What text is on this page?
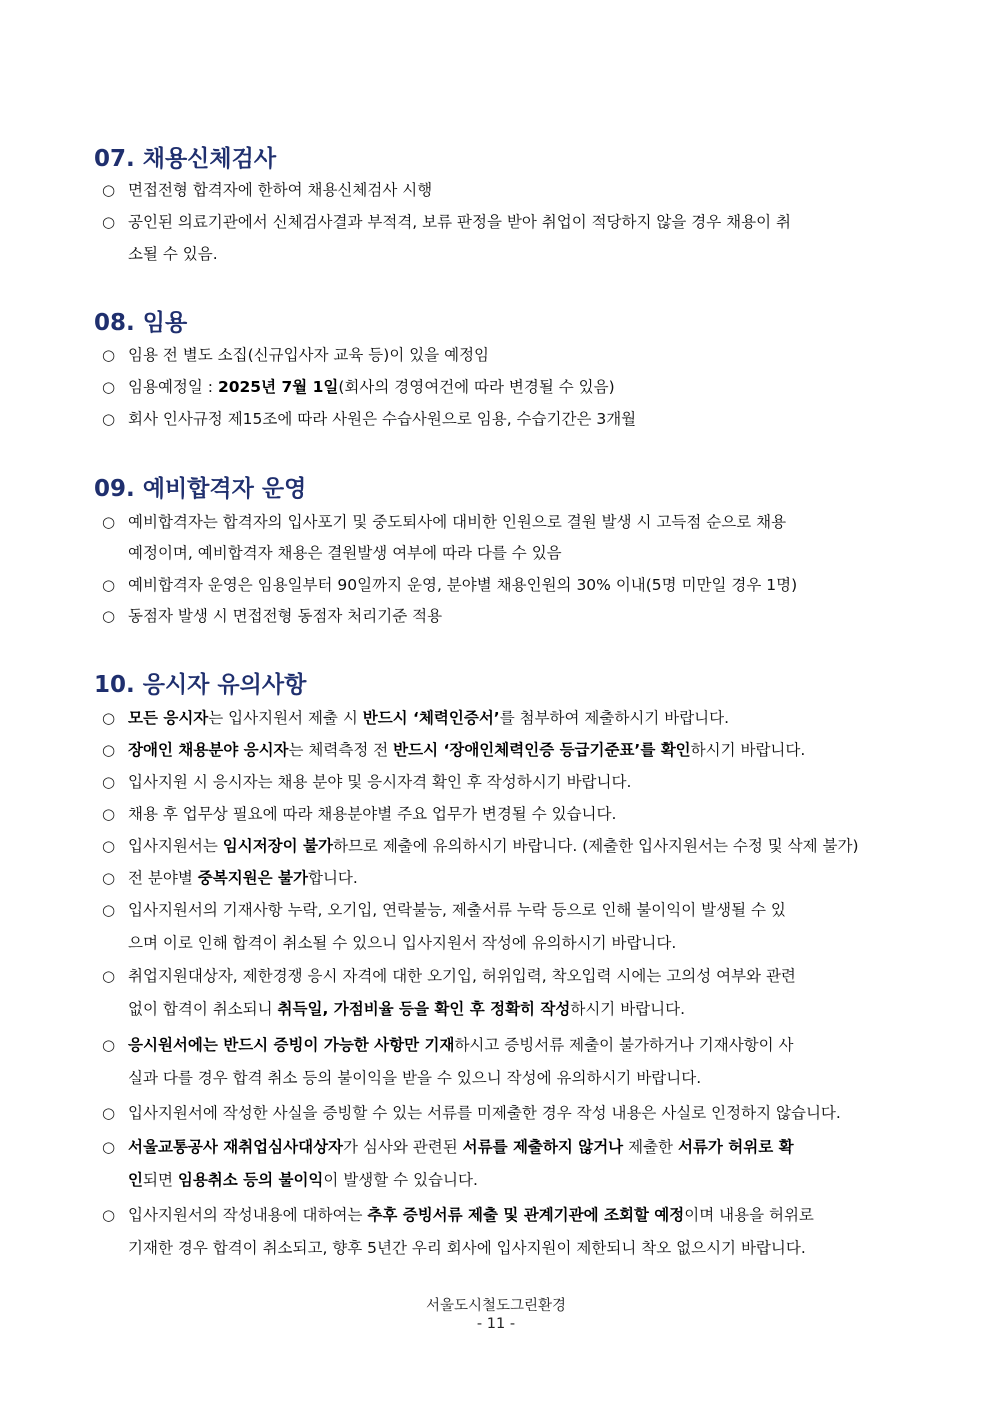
07. 채용신체검사
○ 면접전형 합격자에 한하여 채용신체검사 시행
○ 공인된 의료기관에서 신체검사결과 부적격, 보류 판정을 받아 취업이 적당하지 않을 경우 채용이 취
소될 수 있음.
08. 임용
○ 임용 전 별도 소집(신규입사자 교육 등)이 있을 예정임
○ 임용예정일 : 2025년 7월 1일(회사의 경영여건에 따라 변경될 수 있음)
○ 회사 인사규정 제15조에 따라 사원은 수습사원으로 임용, 수습기간은 3개월
09. 예비합격자 운영
○ 예비합격자는 합격자의 입사포기 및 중도퇴사에 대비한 인원으로 결원 발생 시 고득점 순으로 채용
예정이며, 예비합격자 채용은 결원발생 여부에 따라 다를 수 있음
○ 예비합격자 운영은 임용일부터 90일까지 운영, 분야별 채용인원의 30% 이내(5명 미만일 경우 1명)
○ 동점자 발생 시 면접전형 동점자 처리기준 적용
10. 응시자 유의사항
○ 모든 응시자는 입사지원서 제출 시 반드시 ‘체력인증서’를 첨부하여 제출하시기 바랍니다.
○ 장애인 채용분야 응시자는 체력측정 전 반드시 ‘장애인체력인증 등급기준표’를 확인하시기 바랍니다.
○ 입사지원 시 응시자는 채용 분야 및 응시자격 확인 후 작성하시기 바랍니다.
○ 채용 후 업무상 필요에 따라 채용분야별 주요 업무가 변경될 수 있습니다.
○ 입사지원서는 임시저장이 불가하므로 제출에 유의하시기 바랍니다. (제출한 입사지원서는 수정 및 삭제 불가)
○ 전 분야별 중복지원은 불가합니다.
○ 입사지원서의 기재사항 누락, 오기입, 연락불능, 제출서류 누락 등으로 인해 불이익이 발생될 수 있
으며 이로 인해 합격이 취소될 수 있으니 입사지원서 작성에 유의하시기 바랍니다.
○ 취업지원대상자, 제한경쟁 응시 자격에 대한 오기입, 허위입력, 착오입력 시에는 고의성 여부와 관련
없이 합격이 취소되니 취득일, 가점비율 등을 확인 후 정확히 작성하시기 바랍니다.
○ 응시원서에는 반드시 증빙이 가능한 사항만 기재하시고 증빙서류 제출이 불가하거나 기재사항이 사
실과 다를 경우 합격 취소 등의 불이익을 받을 수 있으니 작성에 유의하시기 바랍니다.
○ 입사지원서에 작성한 사실을 증빙할 수 있는 서류를 미제출한 경우 작성 내용은 사실로 인정하지 않습니다.
○ 서울교통공사 재취업심사대상자가 심사와 관련된 서류를 제출하지 않거나 제출한 서류가 허위로 확
인되면 임용취소 등의 불이익이 발생할 수 있습니다.
○ 입사지원서의 작성내용에 대하여는 추후 증빙서류 제출 및 관계기관에 조회할 예정이며 내용을 허위로
기재한 경우 합격이 취소되고, 향후 5년간 우리 회사에 입사지원이 제한되니 착오 없으시기 바랍니다.
서울도시철도그린환경
- 11 -
